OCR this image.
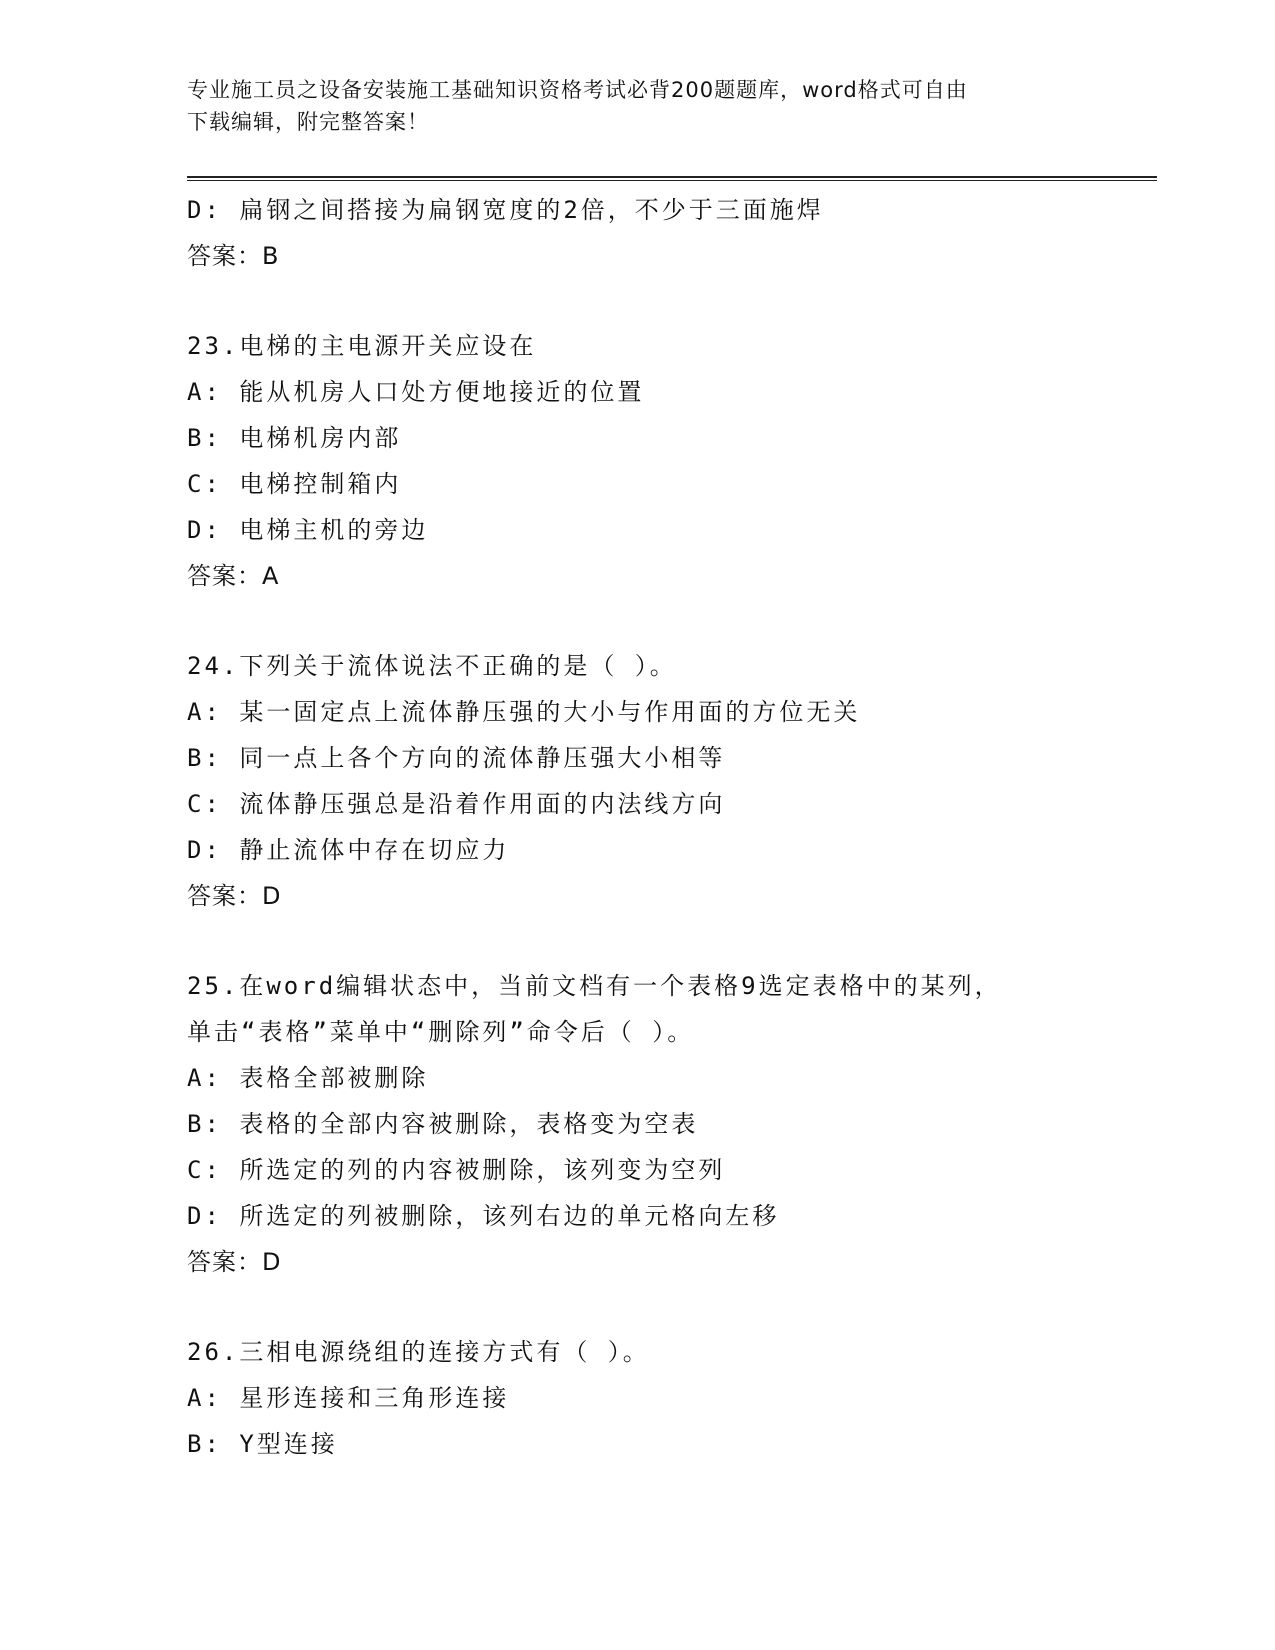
专业施工员之设备安装施工基础知识资格考试必背200题题库，word格式可自由
下载编辑，附完整答案！
D: 扁钢之间搭接为扁钢宽度的2倍，不少于三面施焊
答案：B
23.电梯的主电源开关应设在
A: 能从机房人口处方便地接近的位置
B: 电梯机房内部
C: 电梯控制箱内
D: 电梯主机的旁边
答案：A
24.下列关于流体说法不正确的是（ ）。
A: 某一固定点上流体静压强的大小与作用面的方位无关
B: 同一点上各个方向的流体静压强大小相等
C: 流体静压强总是沿着作用面的内法线方向
D: 静止流体中存在切应力
答案：D
25.在word编辑状态中，当前文档有一个表格9选定表格中的某列，
单击“表格”菜单中“删除列”命令后（ ）。
A: 表格全部被删除
B: 表格的全部内容被删除，表格变为空表
C: 所选定的列的内容被删除，该列变为空列
D: 所选定的列被删除，该列右边的单元格向左移
答案：D
26.三相电源绕组的连接方式有（ ）。
A: 星形连接和三角形连接
B: Y型连接
